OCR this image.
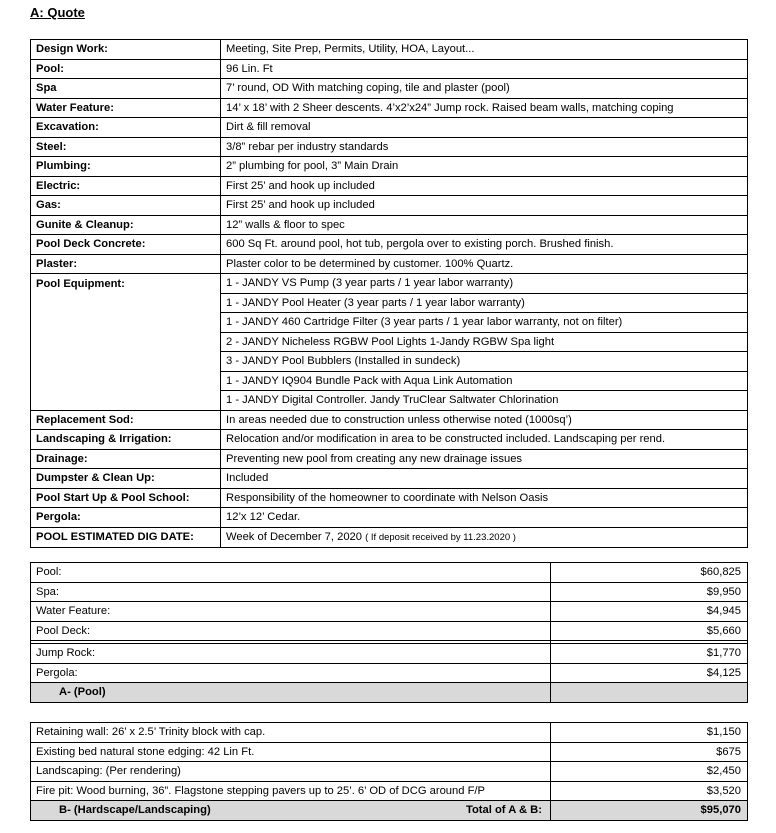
A: Quote
Design Work:	Meeting, Site Prep, Permits, Utility, HOA, Layout...
Pool:	96 Lin. Ft
Spa	7’ round, OD With matching coping, tile and plaster (pool)
Water Feature:	14’ x 18’ with 2 Sheer descents. 4’x2’x24” Jump rock. Raised beam walls, matching coping
Excavation:	Dirt & fill removal
Steel:	3/8” rebar per industry standards
Plumbing:	2” plumbing for pool, 3” Main Drain
Electric:	First 25’ and hook up included
Gas:	First 25’ and hook up included
Gunite & Cleanup:	12” walls & floor to spec
Pool Deck Concrete:	600 Sq Ft. around pool, hot tub, pergola over to existing porch. Brushed finish.
Plaster:	Plaster color to be determined by customer. 100% Quartz.
Pool Equipment:	1 - JANDY VS Pump (3 year parts / 1 year labor warranty)
	1 - JANDY Pool Heater (3 year parts / 1 year labor warranty)
	1 - JANDY 460 Cartridge Filter (3 year parts / 1 year labor warranty, not on filter)
	2 - JANDY Nicheless RGBW Pool Lights 1-Jandy RGBW Spa light
	3 - JANDY Pool Bubblers (Installed in sundeck)
	1 - JANDY IQ904 Bundle Pack with Aqua Link Automation
	1 - JANDY Digital Controller. Jandy TruClear Saltwater Chlorination
Replacement Sod:	In areas needed due to construction unless otherwise noted (1000sq’)
Landscaping & Irrigation:	Relocation and/or modification in area to be constructed included. Landscaping per rend.
Drainage:	Preventing new pool from creating any new drainage issues
Dumpster & Clean Up:	Included
Pool Start Up & Pool School:	Responsibility of the homeowner to coordinate with Nelson Oasis
Pergola:	12’x 12’ Cedar.
POOL ESTIMATED DIG DATE:	Week of December 7, 2020 ( If deposit received by 11.23.2020 )
Pool:	$60,825
Spa:	$9,950
Water Feature:	$4,945
Pool Deck:	$5,660

Jump Rock:	$1,770
Pergola:	$4,125
A- (Pool)	
Retaining wall: 26’ x 2.5’ Trinity block with cap.	$1,150
Existing bed natural stone edging: 42 Lin Ft.	$675
Landscaping: (Per rendering)	$2,450
Fire pit: Wood burning, 36”. Flagstone stepping pavers up to 25’. 6’ OD of DCG around F/P	$3,520
B- (Hardscape/Landscaping) Total of A & B:	$95,070
